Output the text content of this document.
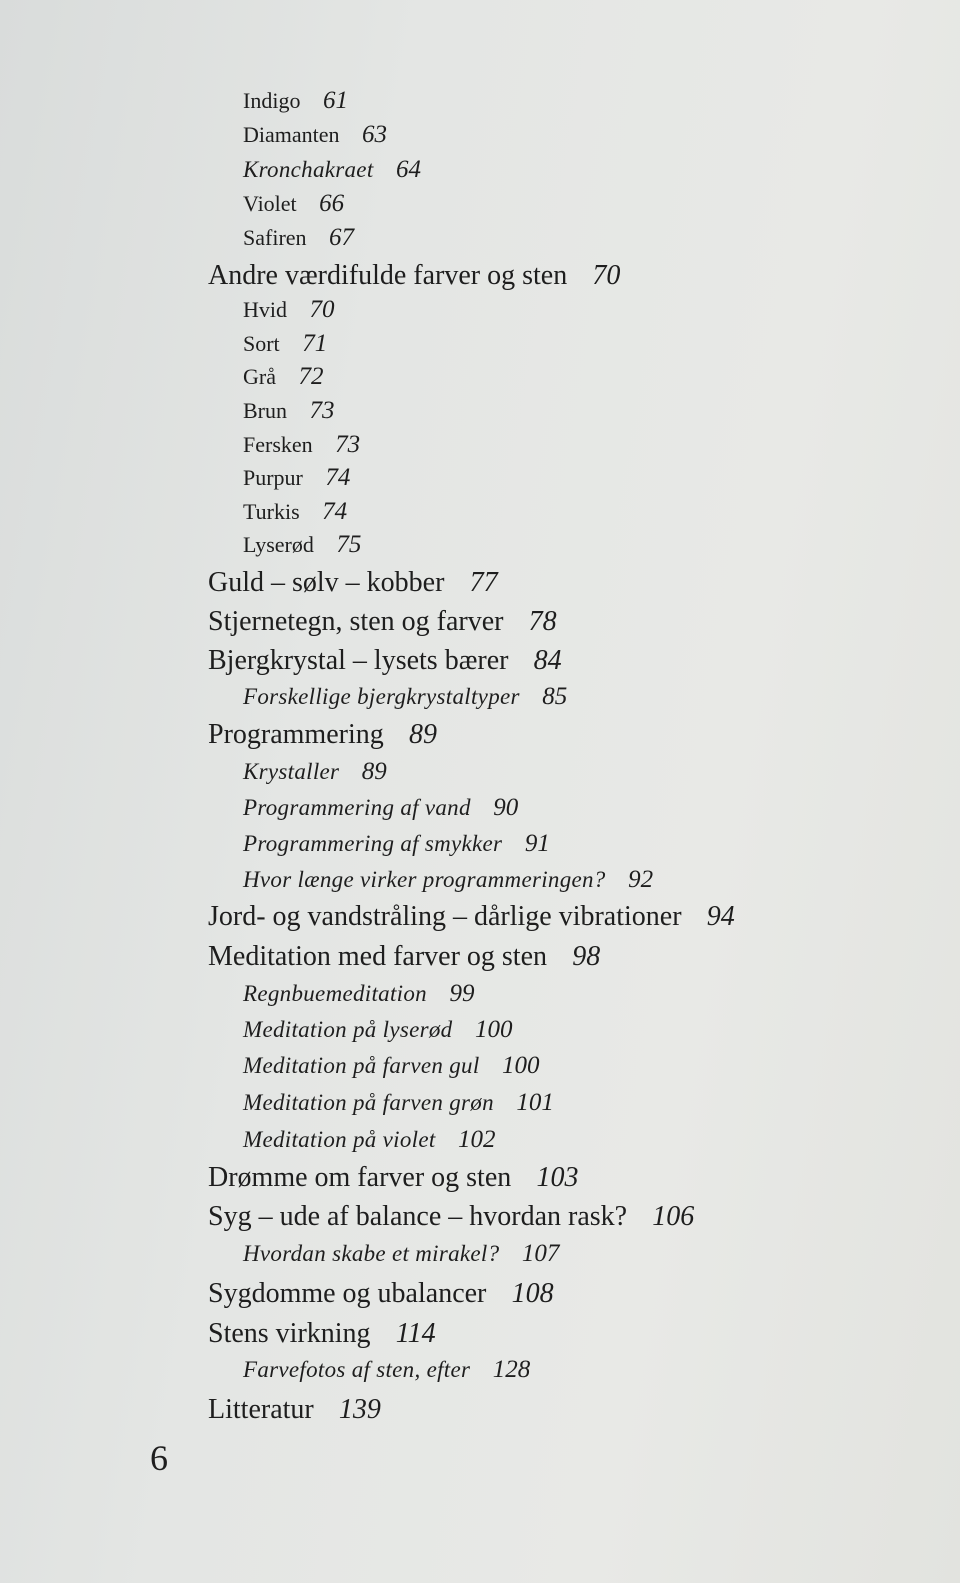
Indigo 61
Diamanten 63
Kronchakraet 64
Violet 66
Safiren 67
Andre værdifulde farver og sten 70
Hvid 70
Sort 71
Grå 72
Brun 73
Fersken 73
Purpur 74
Turkis 74
Lyserød 75
Guld – sølv – kobber 77
Stjernetegn, sten og farver 78
Bjergkrystal – lysets bærer 84
Forskellige bjergkrystaltyper 85
Programmering 89
Krystaller 89
Programmering af vand 90
Programmering af smykker 91
Hvor længe virker programmeringen? 92
Jord- og vandstråling – dårlige vibrationer 94
Meditation med farver og sten 98
Regnbuemeditation 99
Meditation på lyserød 100
Meditation på farven gul 100
Meditation på farven grøn 101
Meditation på violet 102
Drømme om farver og sten 103
Syg – ude af balance – hvordan rask? 106
Hvordan skabe et mirakel? 107
Sygdomme og ubalancer 108
Stens virkning 114
Farvefotos af sten, efter 128
Litteratur 139
6
